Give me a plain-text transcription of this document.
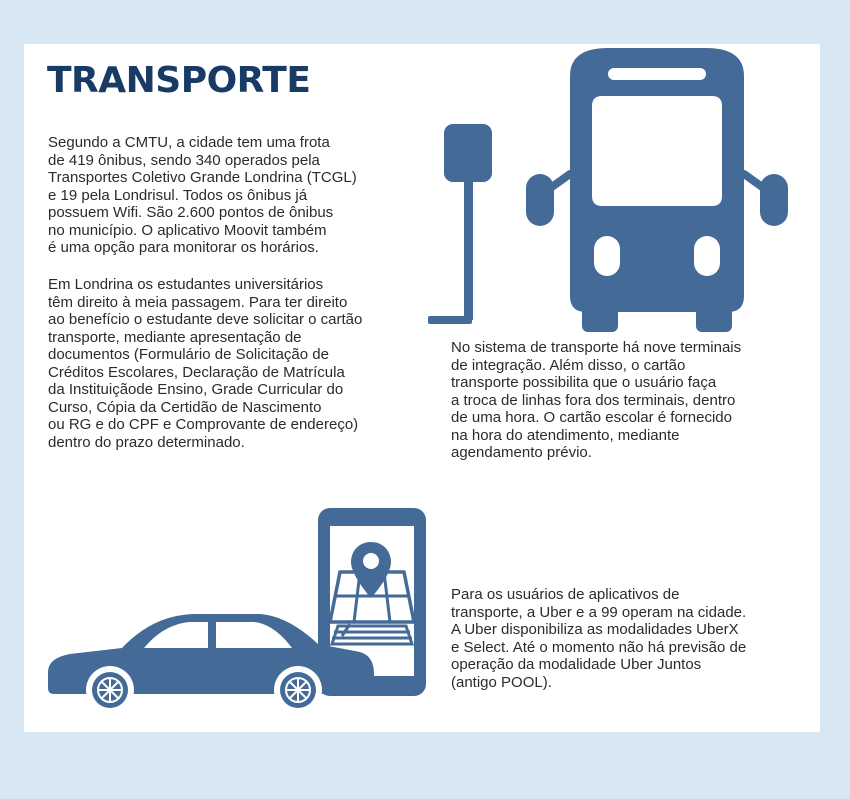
TRANSPORTE

Segundo a CMTU, a cidade tem uma frota
de 419 ônibus, sendo 340 operados pela
Transportes Coletivo Grande Londrina (TCGL)
e 19 pela Londrisul. Todos os ônibus já
possuem Wifi. São 2.600 pontos de ônibus
no município. O aplicativo Moovit também
é uma opção para monitorar os horários.

Em Londrina os estudantes universitários
têm direito à meia passagem. Para ter direito
ao benefício o estudante deve solicitar o cartão
transporte, mediante apresentação de
documentos (Formulário de Solicitação de
Créditos Escolares, Declaração de Matrícula
da Instituiçãode Ensino, Grade Curricular do
Curso, Cópia da Certidão de Nascimento
ou RG e do CPF e Comprovante de endereço)
dentro do prazo determinado.

No sistema de transporte há nove terminais
de integração. Além disso, o cartão
transporte possibilita que o usuário faça
a troca de linhas fora dos terminais, dentro
de uma hora. O cartão escolar é fornecido
na hora do atendimento, mediante
agendamento prévio.

Para os usuários de aplicativos de
transporte, a Uber e a 99 operam na cidade.
A Uber disponibiliza as modalidades UberX
e Select. Até o momento não há previsão de
operação da modalidade Uber Juntos
(antigo POOL).
